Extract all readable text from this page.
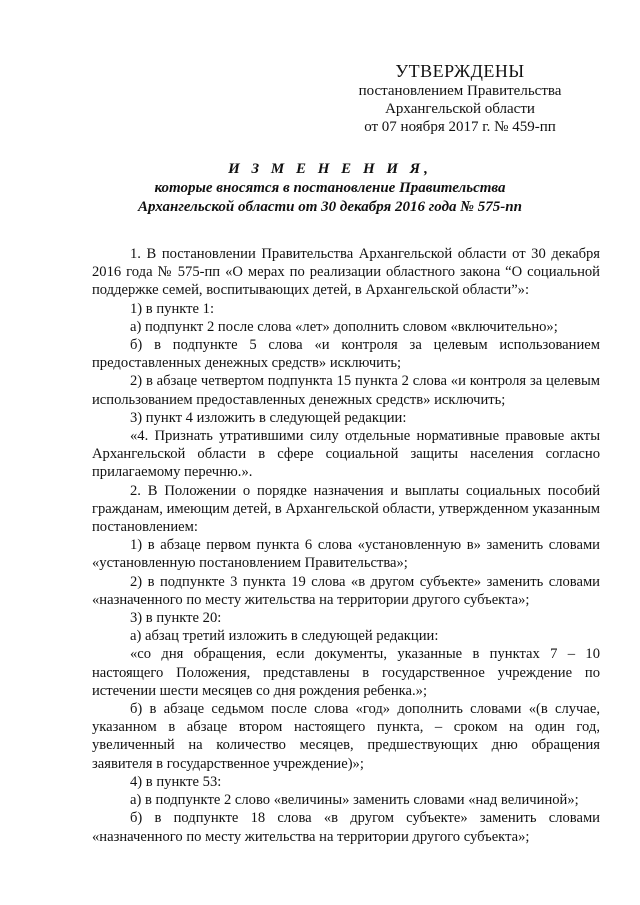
УТВЕРЖДЕНЫ
постановлением Правительства
Архангельской области
от 07 ноября 2017 г. № 459-пп
И З М Е Н Е Н И Я,
которые вносятся в постановление Правительства
Архангельской области от 30 декабря 2016 года № 575-пп

1. В постановлении Правительства Архангельской области от 30 декабря 2016 года № 575-пп «О мерах по реализации областного закона “О социальной поддержке семей, воспитывающих детей, в Архангельской области”»:

1) в пункте 1:

а) подпункт 2 после слова «лет» дополнить словом «включительно»;

б) в подпункте 5 слова «и контроля за целевым использованием предоставленных денежных средств» исключить;

2) в абзаце четвертом подпункта 15 пункта 2 слова «и контроля за целевым использованием предоставленных денежных средств» исключить;

3) пункт 4 изложить в следующей редакции:

«4. Признать утратившими силу отдельные нормативные правовые акты Архангельской области в сфере социальной защиты населения согласно прилагаемому перечню.».

2. В Положении о порядке назначения и выплаты социальных пособий гражданам, имеющим детей, в Архангельской области, утвержденном указанным постановлением:

1) в абзаце первом пункта 6 слова «установленную в» заменить словами «установленную постановлением Правительства»;

2) в подпункте 3 пункта 19 слова «в другом субъекте» заменить словами «назначенного по месту жительства на территории другого субъекта»;

3) в пункте 20:

а) абзац третий изложить в следующей редакции:

«со дня обращения, если документы, указанные в пунктах 7 – 10 настоящего Положения, представлены в государственное учреждение по истечении шести месяцев со дня рождения ребенка.»;

б) в абзаце седьмом после слова «год» дополнить словами «(в случае, указанном в абзаце втором настоящего пункта, – сроком на один год, увеличенный на количество месяцев, предшествующих дню обращения заявителя в государственное учреждение)»;

4) в пункте 53:

а) в подпункте 2 слово «величины» заменить словами «над величиной»;

б) в подпункте 18 слова «в другом субъекте» заменить словами «назначенного по месту жительства на территории другого субъекта»;
